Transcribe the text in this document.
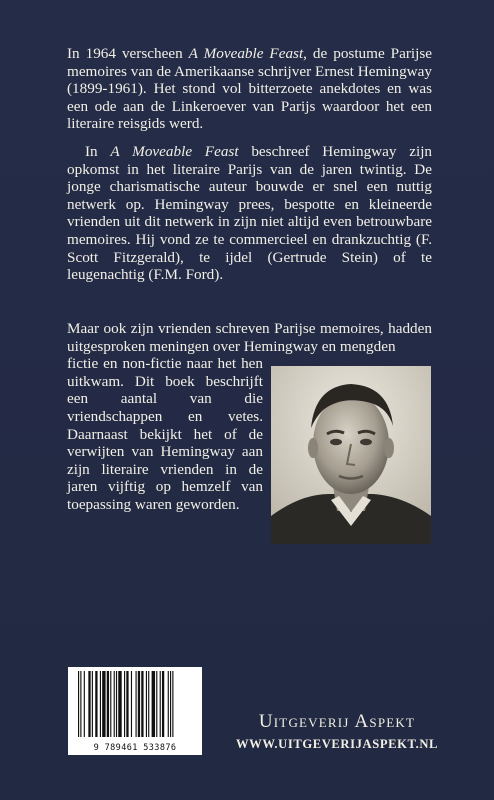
In 1964 verscheen A Moveable Feast, de postume Parijse memoires van de Amerikaanse schrijver Ernest Hemingway (1899-1961). Het stond vol bitterzoete anekdotes en was een ode aan de Linkeroever van Parijs waardoor het een literaire reisgids werd.
In A Moveable Feast beschreef Hemingway zijn opkomst in het literaire Parijs van de jaren twintig. De jonge charismatische auteur bouwde er snel een nuttig netwerk op. Hemingway prees, bespotte en kleineerde vrienden uit dit netwerk in zijn niet altijd even betrouwbare memoires. Hij vond ze te commercieel en drankzuchtig (F. Scott Fitzgerald), te ijdel (Gertrude Stein) of te leugenachtig (F.M. Ford).
Maar ook zijn vrienden schreven Parijse memoires, hadden uitgesproken meningen over Hemingway en mengden
fictie en non-fictie naar het hen uitkwam. Dit boek beschrijft een aantal van die vriendschappen en vetes. Daarnaast bekijkt het of de verwijten van Hemingway aan zijn literaire vrienden in de jaren vijftig op hemzelf van toepassing waren geworden.
9 789461 533876
Uitgeverij Aspekt
WWW.UITGEVERIJASPEKT.NL
